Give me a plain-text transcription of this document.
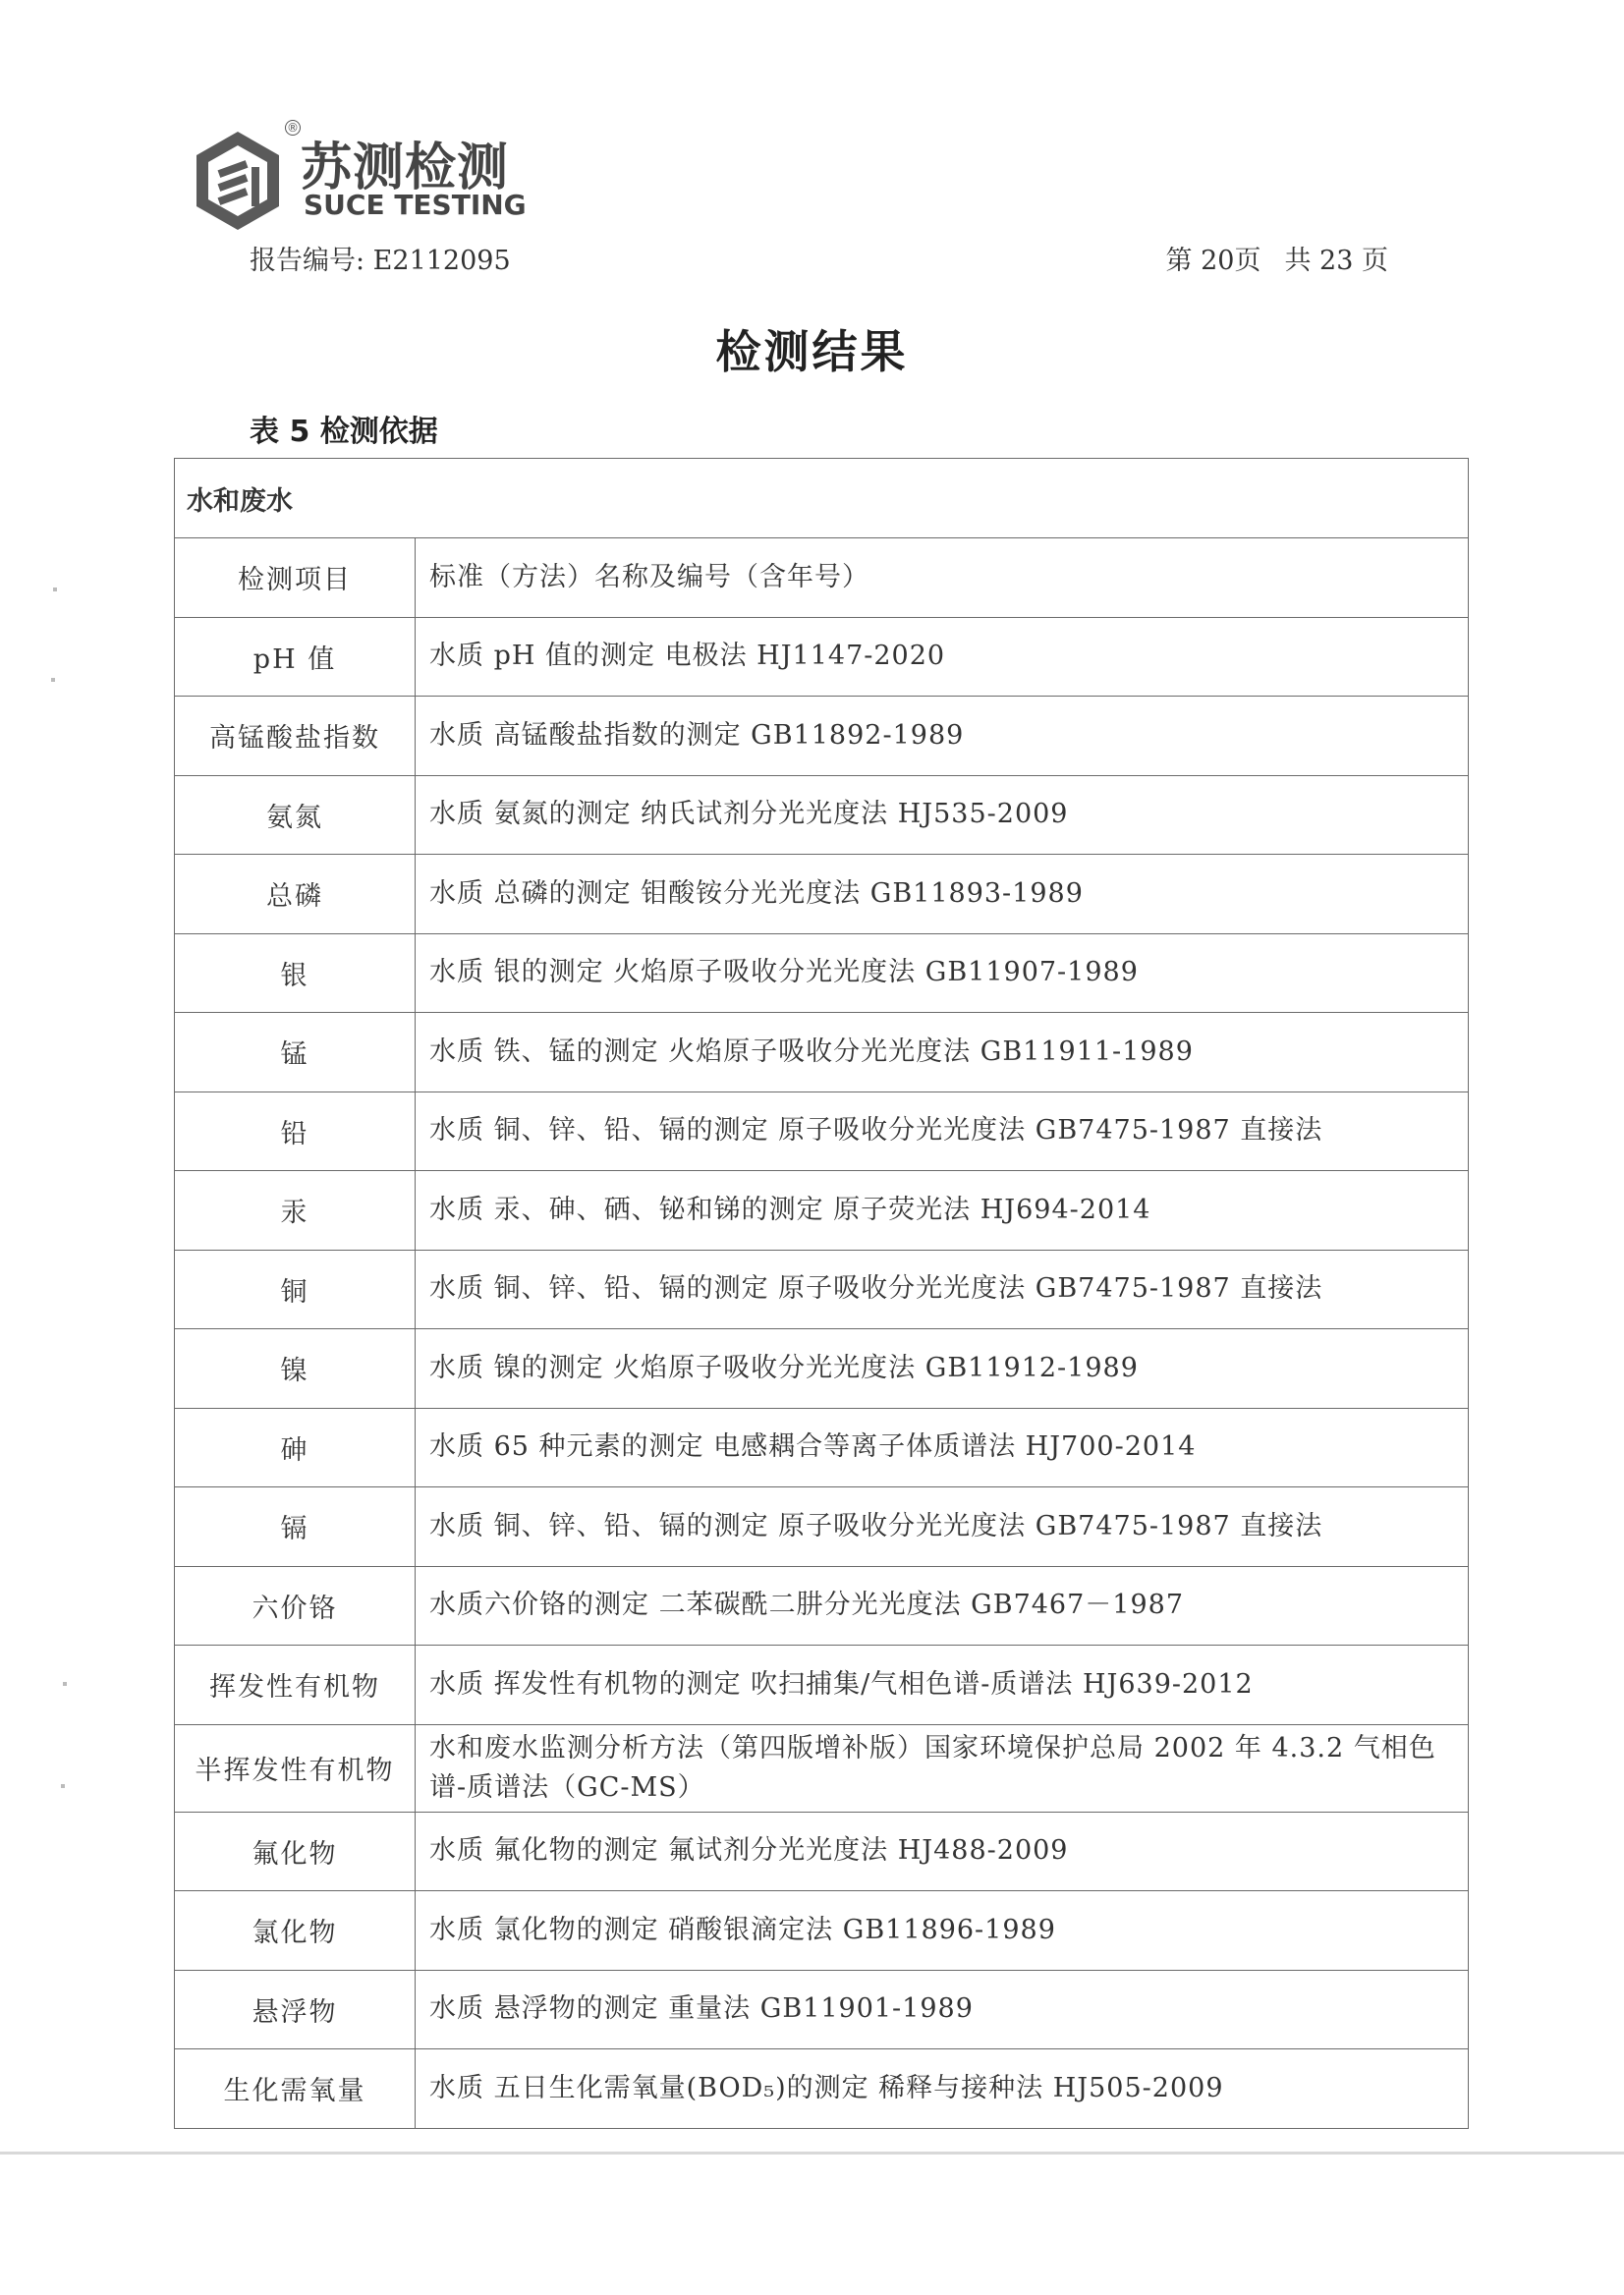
®
苏测检测
SUCE TESTING
报告编号: E2112095	第 20页 共 23 页
检测结果
表 5 检测依据
水和废水	
检测项目	标准（方法）名称及编号（含年号）
pH 值	水质 pH 值的测定 电极法 HJ1147-2020
高锰酸盐指数	水质 高锰酸盐指数的测定 GB11892-1989
氨氮	水质 氨氮的测定 纳氏试剂分光光度法 HJ535-2009
总磷	水质 总磷的测定 钼酸铵分光光度法 GB11893-1989
银	水质 银的测定 火焰原子吸收分光光度法 GB11907-1989
锰	水质 铁、锰的测定 火焰原子吸收分光光度法 GB11911-1989
铅	水质 铜、锌、铅、镉的测定 原子吸收分光光度法 GB7475-1987 直接法
汞	水质 汞、砷、硒、铋和锑的测定 原子荧光法 HJ694-2014
铜	水质 铜、锌、铅、镉的测定 原子吸收分光光度法 GB7475-1987 直接法
镍	水质 镍的测定 火焰原子吸收分光光度法 GB11912-1989
砷	水质 65 种元素的测定 电感耦合等离子体质谱法 HJ700-2014
镉	水质 铜、锌、铅、镉的测定 原子吸收分光光度法 GB7475-1987 直接法
六价铬	水质六价铬的测定 二苯碳酰二肼分光光度法 GB7467－1987
挥发性有机物	水质 挥发性有机物的测定 吹扫捕集/气相色谱-质谱法 HJ639-2012
半挥发性有机物	水和废水监测分析方法（第四版增补版）国家环境保护总局 2002 年 4.3.2 气相色谱-质谱法（GC-MS）
氟化物	水质 氟化物的测定 氟试剂分光光度法 HJ488-2009
氯化物	水质 氯化物的测定 硝酸银滴定法 GB11896-1989
悬浮物	水质 悬浮物的测定 重量法 GB11901-1989
生化需氧量	水质 五日生化需氧量(BOD₅)的测定 稀释与接种法 HJ505-2009
